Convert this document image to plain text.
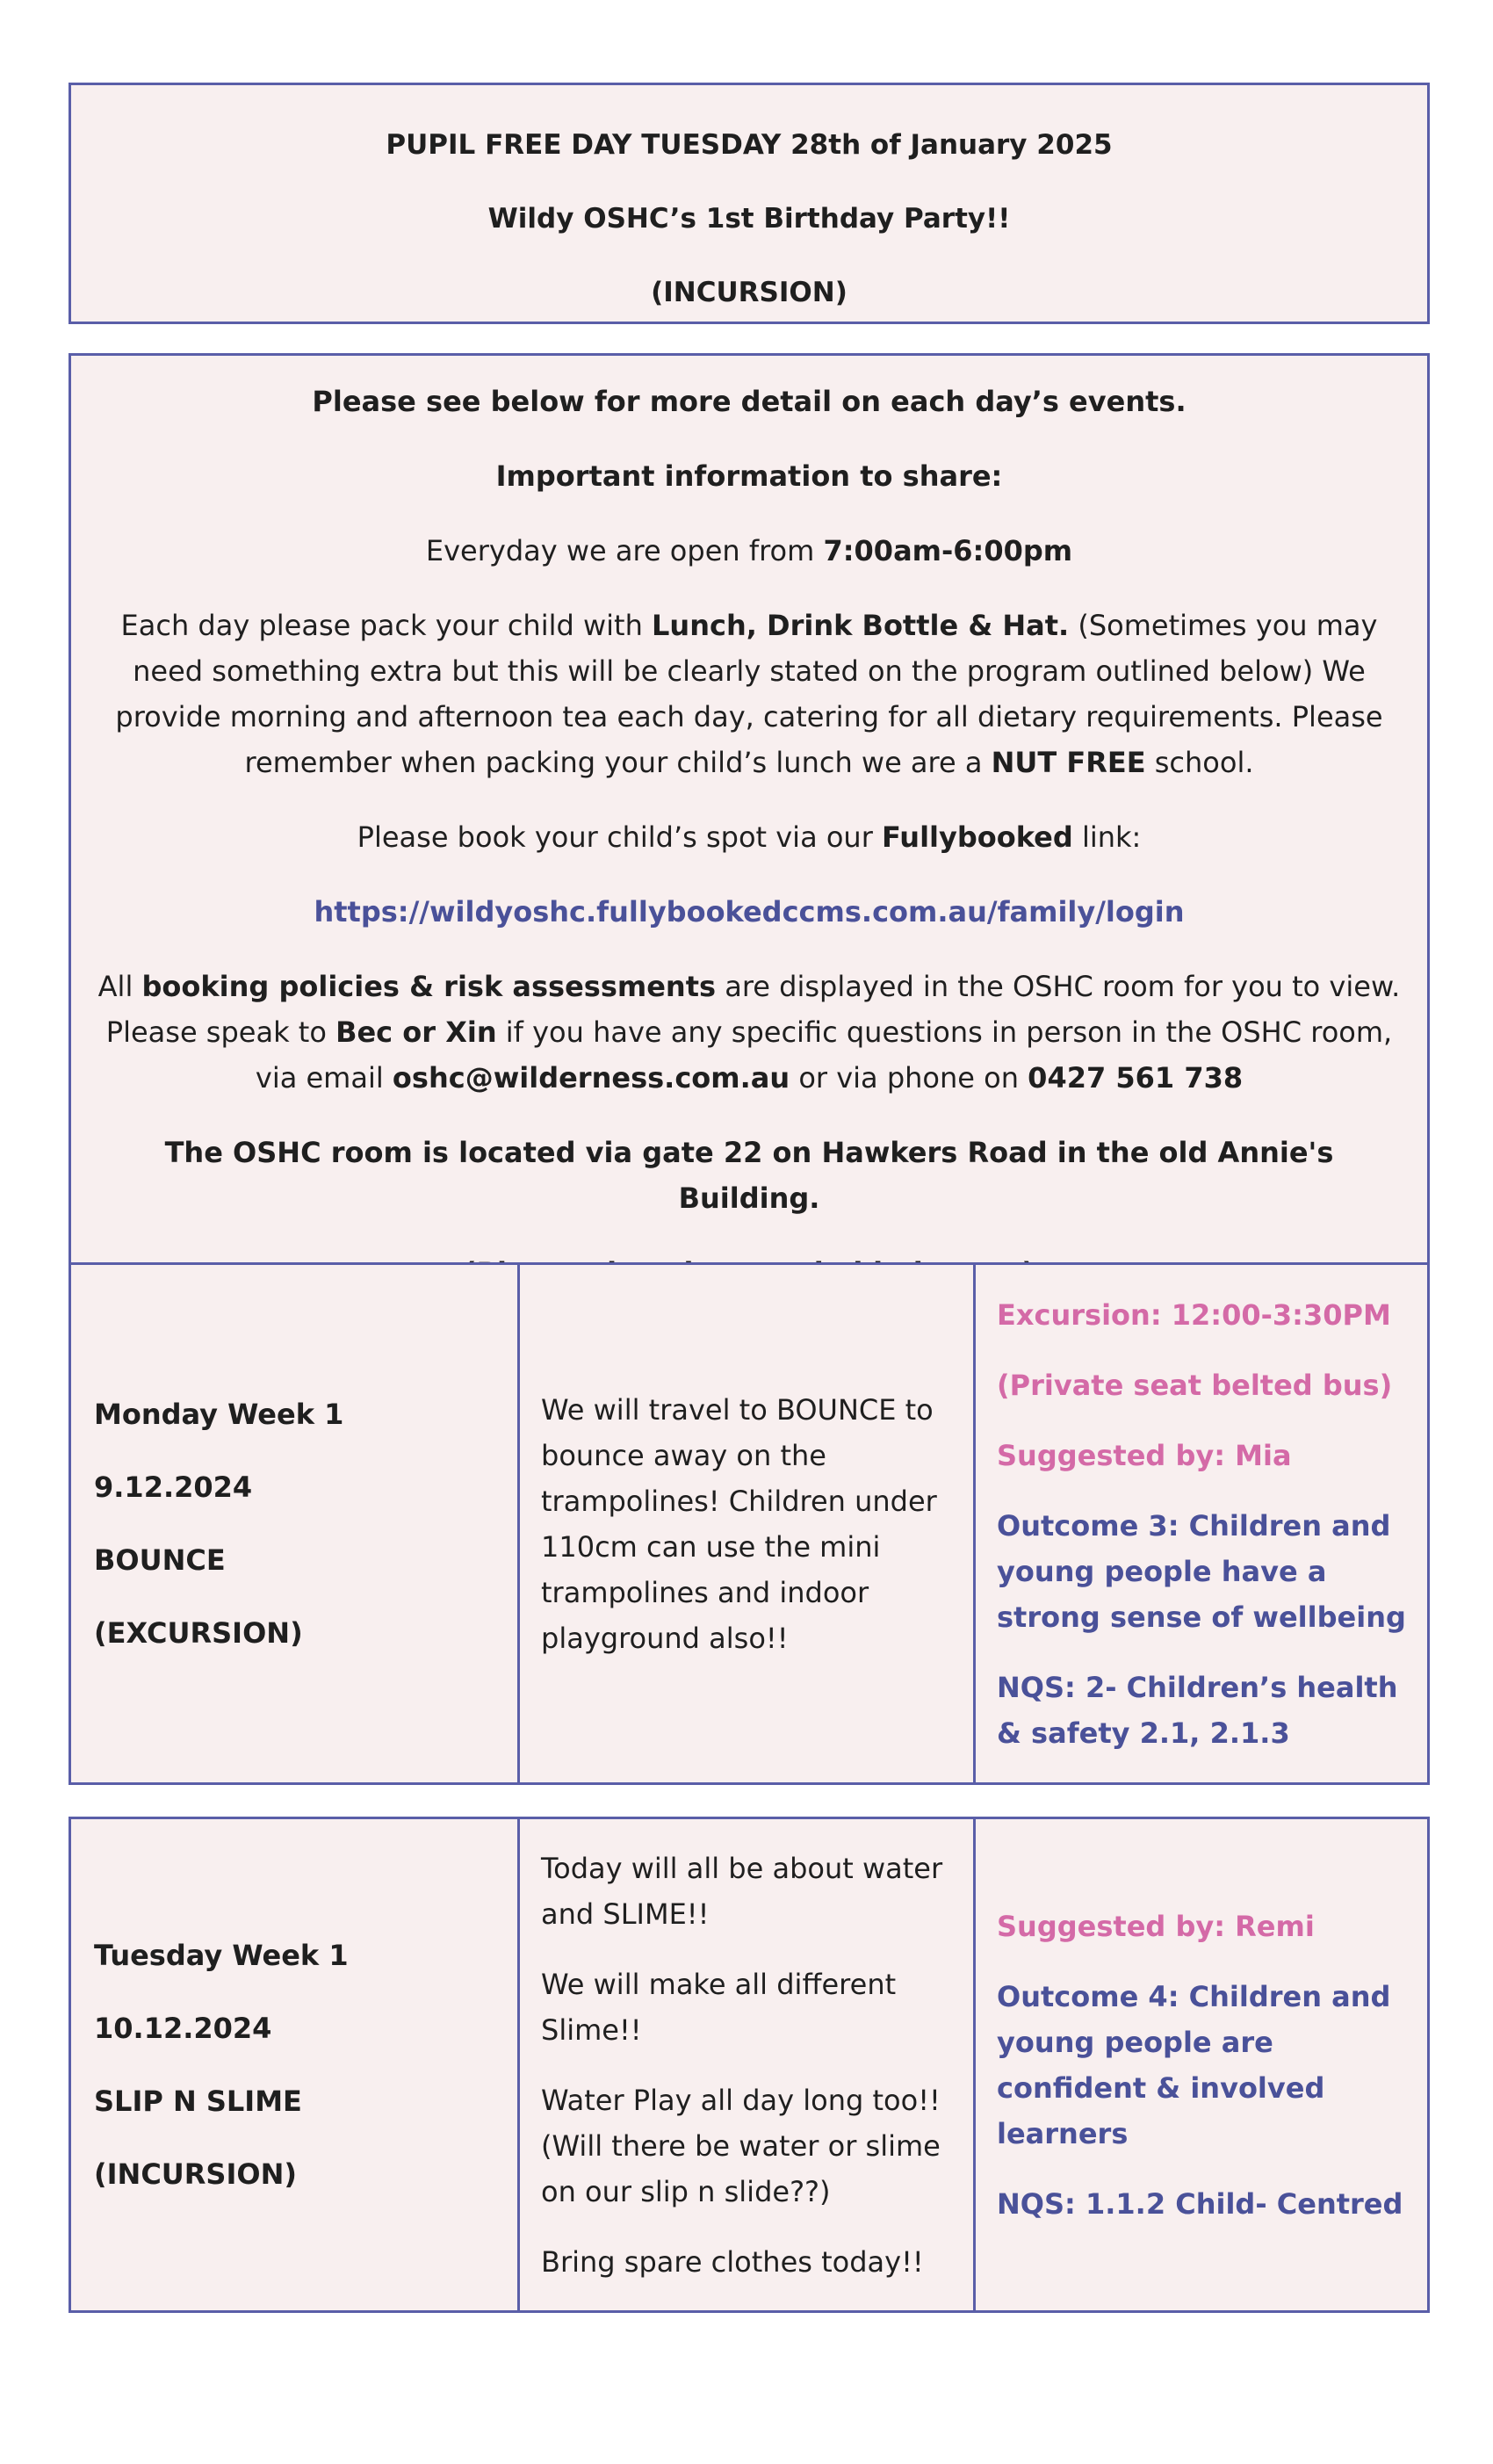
PUPIL FREE DAY TUESDAY 28th of January 2025

Wildy OSHC’s 1st Birthday Party!!

(INCURSION)

Please see below for more detail on each day’s events.

Important information to share:

Everyday we are open from 7:00am-6:00pm

Each day please pack your child with Lunch, Drink Bottle & Hat. (Sometimes you may need something extra but this will be clearly stated on the program outlined below) We provide morning and afternoon tea each day, catering for all dietary requirements. Please remember when packing your child’s lunch we are a NUT FREE school.

Please book your child’s spot via our Fullybooked link:

https://wildyoshc.fullybookedccms.com.au/family/login

All booking policies & risk assessments are displayed in the OSHC room for you to view. Please speak to Bec or Xin if you have any specific questions in person in the OSHC room, via email oshc@wilderness.com.au or via phone on 0427 561 738

The OSHC room is located via gate 22 on Hawkers Road in the old Annie's Building.

Monday Week 1

9.12.2024

BOUNCE

(EXCURSION)

We will travel to BOUNCE to bounce away on the trampolines! Children under 110cm can use the mini trampolines and indoor playground also!!

Excursion: 12:00-3:30PM

(Private seat belted bus)

Suggested by: Mia

Outcome 3: Children and young people have a strong sense of wellbeing

NQS: 2- Children’s health & safety 2.1, 2.1.3

Tuesday Week 1

10.12.2024

SLIP N SLIME

(INCURSION)

Today will all be about water and SLIME!!

We will make all different Slime!!

Water Play all day long too!! (Will there be water or slime on our slip n slide??)

Bring spare clothes today!!

Suggested by: Remi

Outcome 4: Children and young people are confident & involved learners

NQS: 1.1.2 Child- Centred
